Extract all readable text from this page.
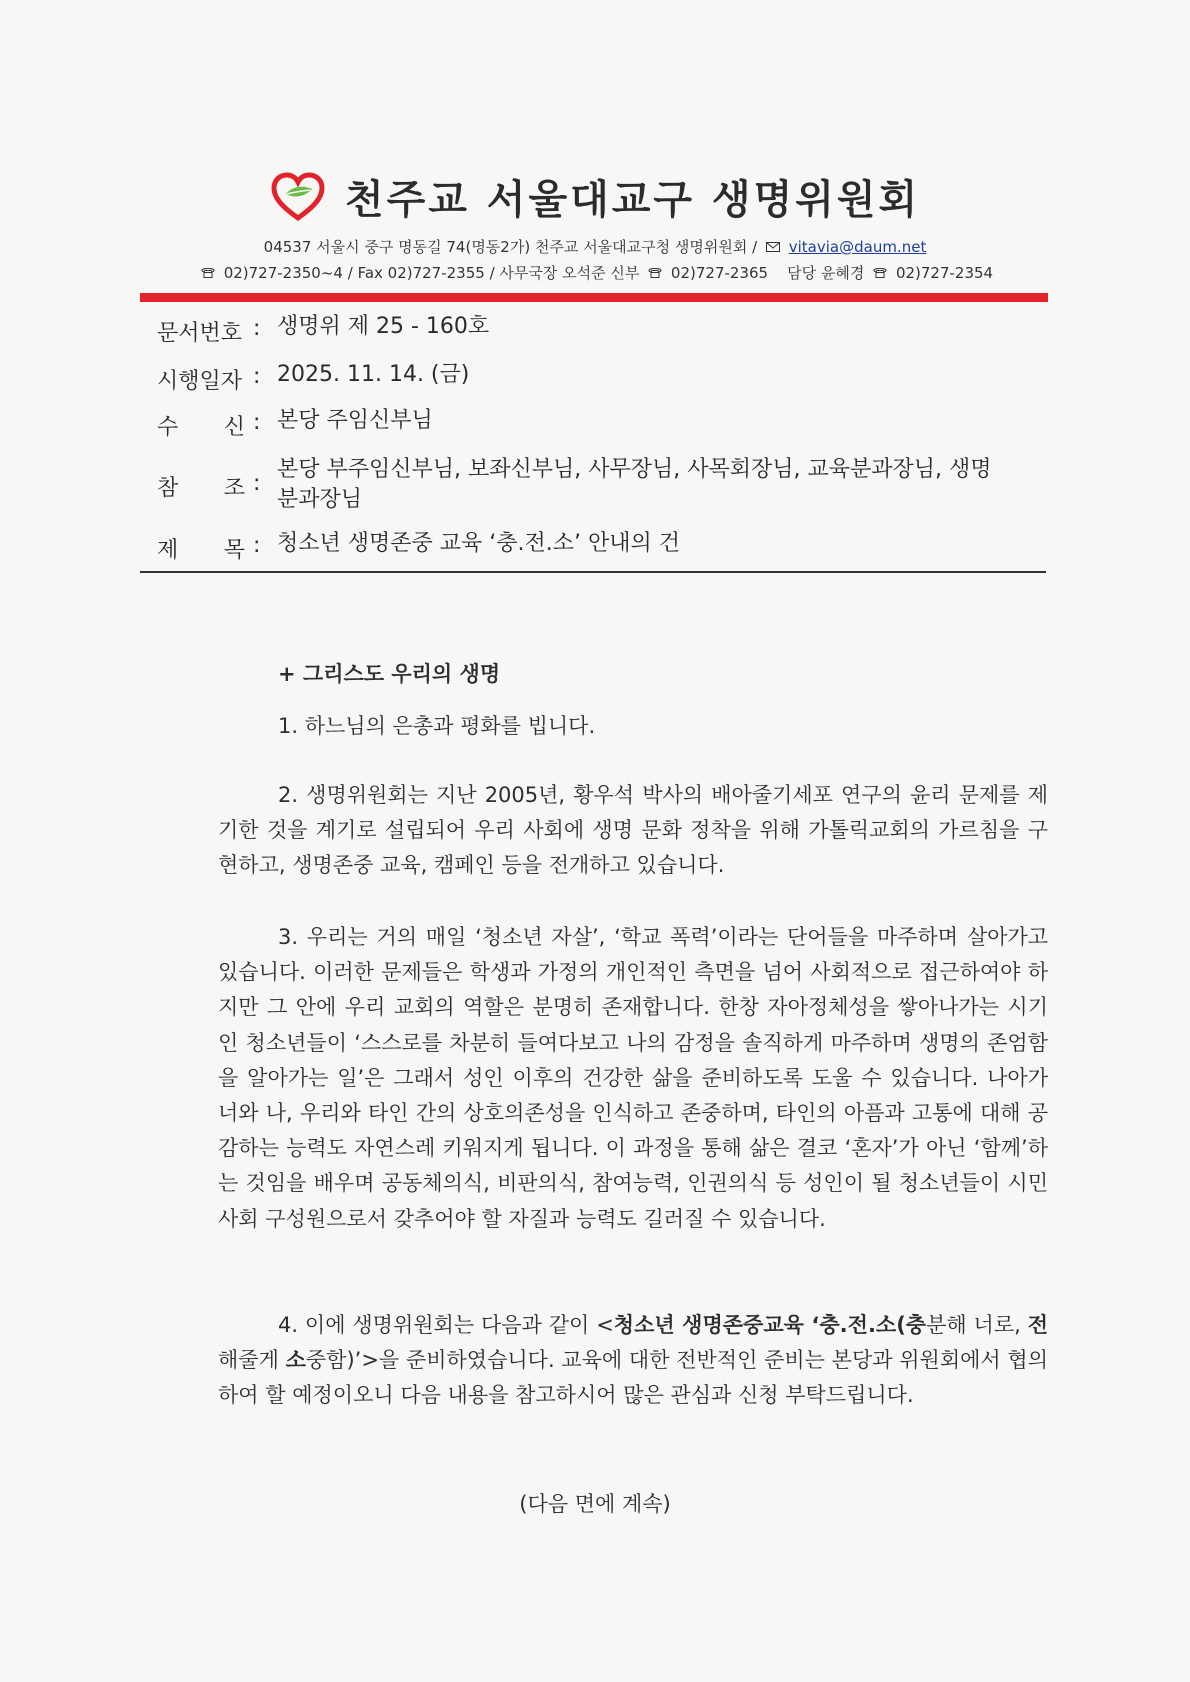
천주교 서울대교구 생명위원회
04537 서울시 중구 명동길 74(명동2가) 천주교 서울대교구청 생명위원회 / vitavia@daum.net
02)727-2350~4 / Fax 02)727-2355 / 사무국장 오석준 신부 02)727-2365 담당 윤혜경 02)727-2354
문서번호 : 생명위 제 25 - 160호
시행일자 : 2025. 11. 14. (금)
수 신 : 본당 주임신부님
참 조 :
본당 부주임신부님, 보좌신부님, 사무장님, 사목회장님, 교육분과장님, 생명분과장님
제 목 : 청소년 생명존중 교육 ‘충.전.소’ 안내의 건
+ 그리스도 우리의 생명
1. 하느님의 은총과 평화를 빕니다.
2. 생명위원회는 지난 2005년, 황우석 박사의 배아줄기세포 연구의 윤리 문제를 제기한 것을 계기로 설립되어 우리 사회에 생명 문화 정착을 위해 가톨릭교회의 가르침을 구현하고, 생명존중 교육, 캠페인 등을 전개하고 있습니다.
3. 우리는 거의 매일 ‘청소년 자살’, ‘학교 폭력’이라는 단어들을 마주하며 살아가고 있습니다. 이러한 문제들은 학생과 가정의 개인적인 측면을 넘어 사회적으로 접근하여야 하지만 그 안에 우리 교회의 역할은 분명히 존재합니다. 한창 자아정체성을 쌓아나가는 시기인 청소년들이 ‘스스로를 차분히 들여다보고 나의 감정을 솔직하게 마주하며 생명의 존엄함을 알아가는 일’은 그래서 성인 이후의 건강한 삶을 준비하도록 도울 수 있습니다. 나아가 너와 나, 우리와 타인 간의 상호의존성을 인식하고 존중하며, 타인의 아픔과 고통에 대해 공감하는 능력도 자연스레 키워지게 됩니다. 이 과정을 통해 삶은 결코 ‘혼자’가 아닌 ‘함께’하는 것임을 배우며 공동체의식, 비판의식, 참여능력, 인권의식 등 성인이 될 청소년들이 시민사회 구성원으로서 갖추어야 할 자질과 능력도 길러질 수 있습니다.
4. 이에 생명위원회는 다음과 같이 <청소년 생명존중교육 ‘충.전.소(충분해 너로, 전해줄게 소중함)’>을 준비하였습니다. 교육에 대한 전반적인 준비는 본당과 위원회에서 협의하여 할 예정이오니 다음 내용을 참고하시어 많은 관심과 신청 부탁드립니다.
(다음 면에 계속)
